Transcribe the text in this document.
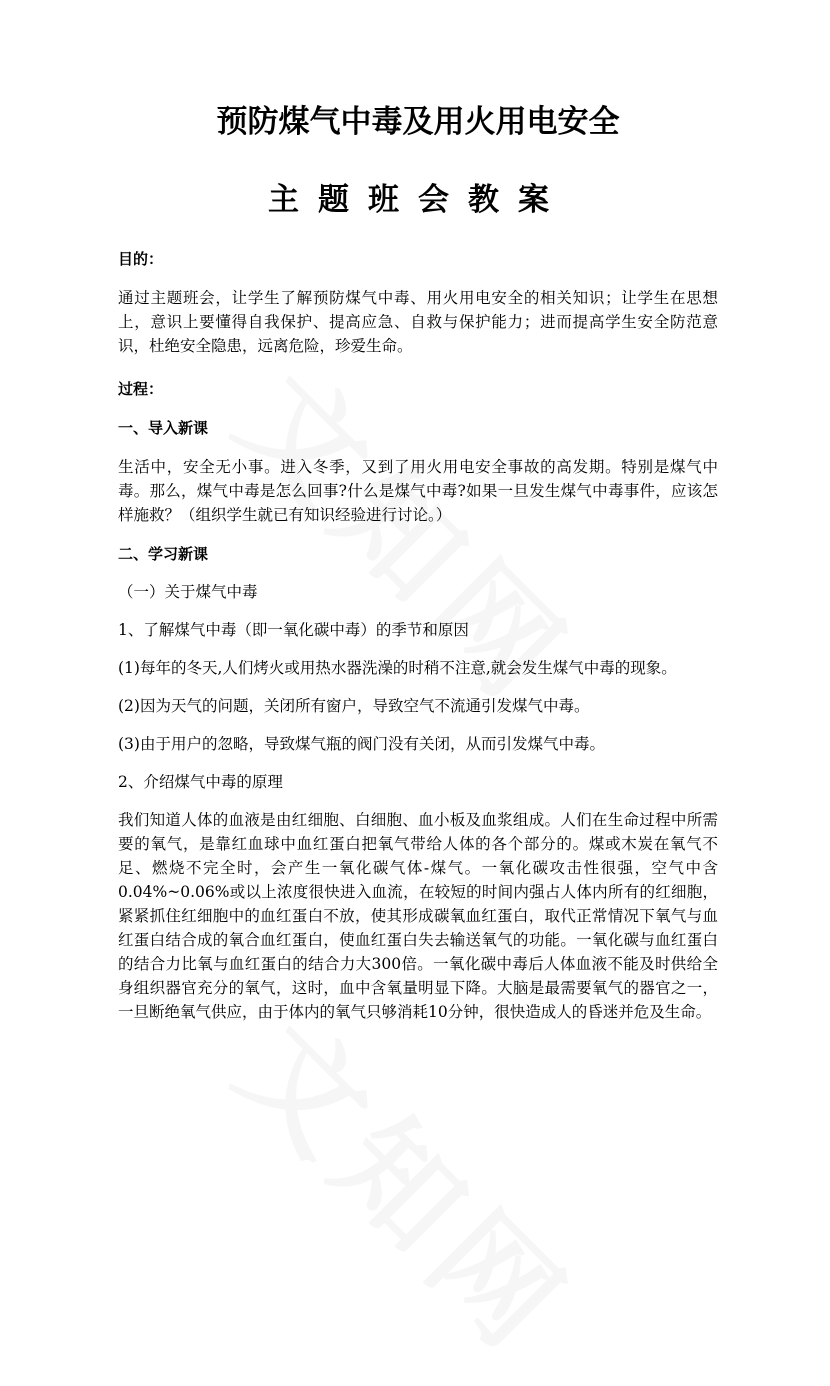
预防煤气中毒及用火用电安全
主题班会教案
目的：

通过主题班会，让学生了解预防煤气中毒、用火用电安全的相关知识；让学生在思想上，意识上要懂得自我保护、提高应急、自救与保护能力；进而提高学生安全防范意识，杜绝安全隐患，远离危险，珍爱生命。

过程：
一、导入新课

生活中，安全无小事。进入冬季，又到了用火用电安全事故的高发期。特别是煤气中毒。那么，煤气中毒是怎么回事?什么是煤气中毒?如果一旦发生煤气中毒事件，应该怎样施救？（组织学生就已有知识经验进行讨论。）

二、学习新课

（一）关于煤气中毒

1、了解煤气中毒（即一氧化碳中毒）的季节和原因

(1)每年的冬天,人们烤火或用热水器洗澡的时稍不注意,就会发生煤气中毒的现象。

(2)因为天气的问题，关闭所有窗户，导致空气不流通引发煤气中毒。

(3)由于用户的忽略，导致煤气瓶的阀门没有关闭，从而引发煤气中毒。

2、介绍煤气中毒的原理

我们知道人体的血液是由红细胞、白细胞、血小板及血浆组成。人们在生命过程中所需要的氧气，是靠红血球中血红蛋白把氧气带给人体的各个部分的。煤或木炭在氧气不足、燃烧不完全时，会产生一氧化碳气体-煤气。一氧化碳攻击性很强，空气中含0.04%~0.06%或以上浓度很快进入血流，在较短的时间内强占人体内所有的红细胞，紧紧抓住红细胞中的血红蛋白不放，使其形成碳氧血红蛋白，取代正常情况下氧气与血红蛋白结合成的氧合血红蛋白，使血红蛋白失去输送氧气的功能。一氧化碳与血红蛋白的结合力比氧与血红蛋白的结合力大300倍。一氧化碳中毒后人体血液不能及时供给全身组织器官充分的氧气，这时，血中含氧量明显下降。大脑是最需要氧气的器官之一，一旦断绝氧气供应，由于体内的氧气只够消耗10分钟，很快造成人的昏迷并危及生命。
